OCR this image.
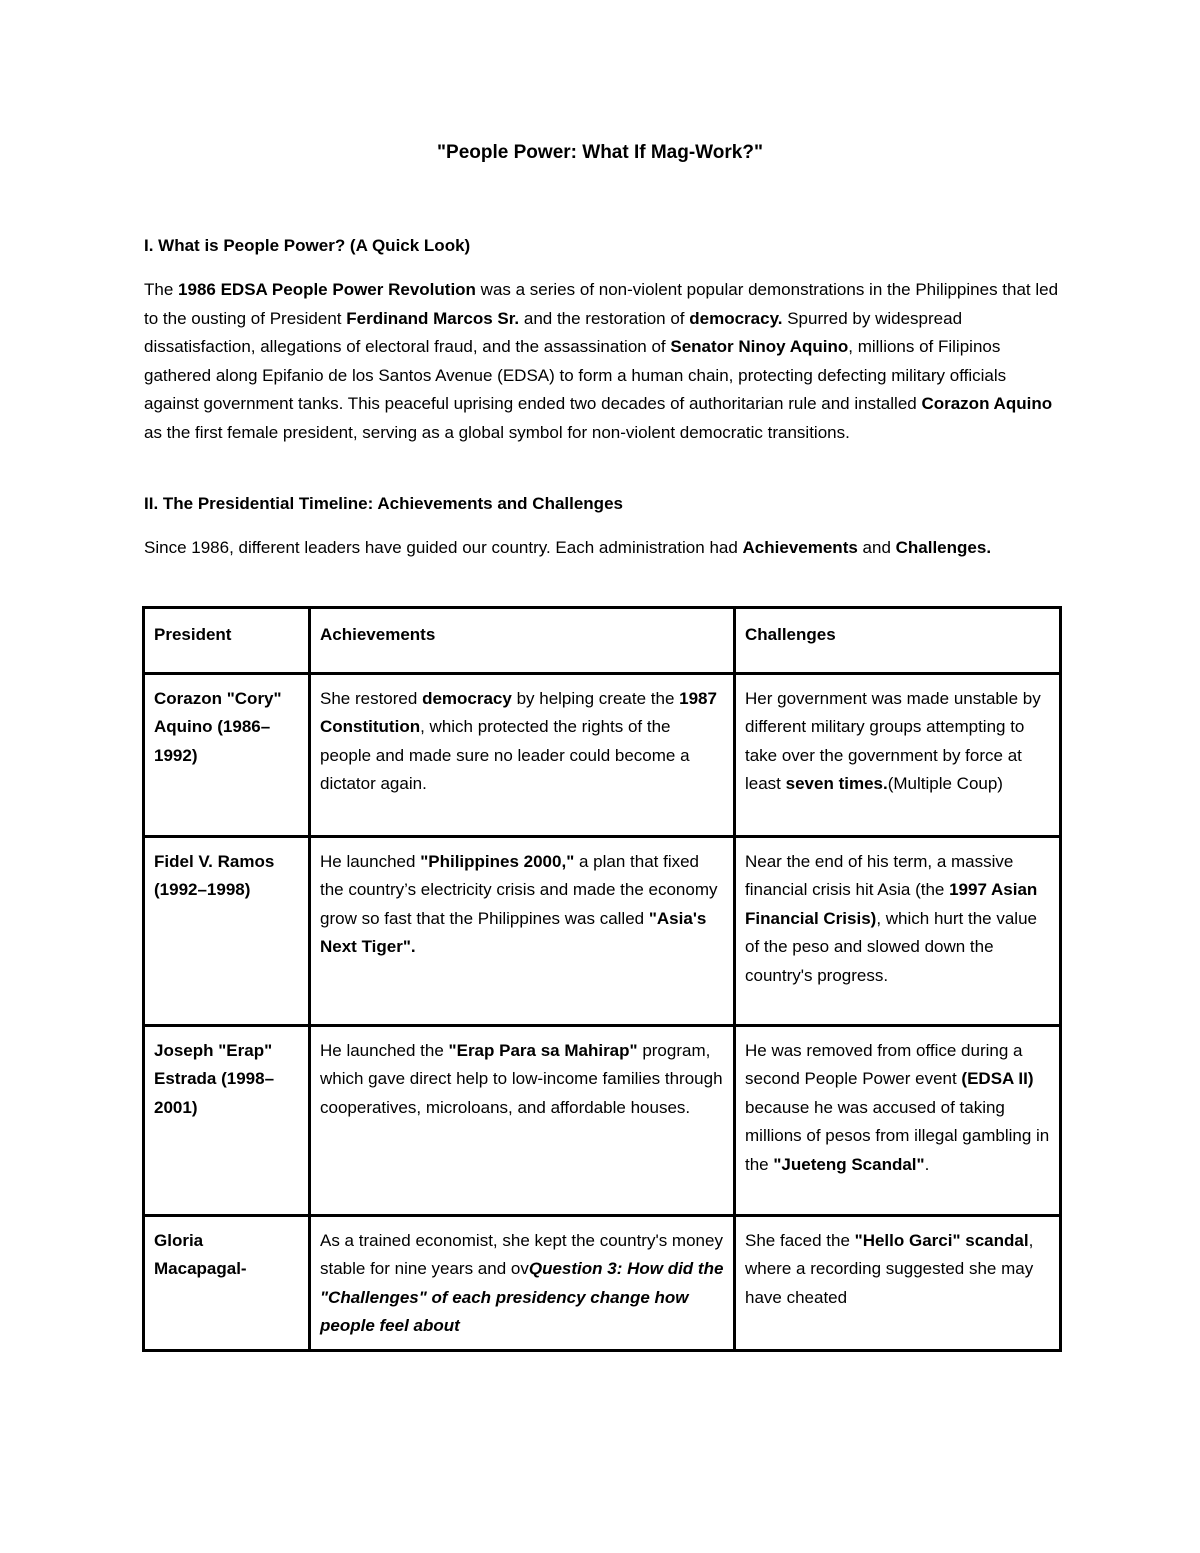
"People Power: What If Mag-Work?"
I. What is People Power? (A Quick Look)
The 1986 EDSA People Power Revolution was a series of non-violent popular demonstrations in the Philippines that led to the ousting of President Ferdinand Marcos Sr. and the restoration of democracy. Spurred by widespread dissatisfaction, allegations of electoral fraud, and the assassination of Senator Ninoy Aquino, millions of Filipinos gathered along Epifanio de los Santos Avenue (EDSA) to form a human chain, protecting defecting military officials against government tanks. This peaceful uprising ended two decades of authoritarian rule and installed Corazon Aquino as the first female president, serving as a global symbol for non-violent democratic transitions.
II. The Presidential Timeline: Achievements and Challenges
Since 1986, different leaders have guided our country. Each administration had Achievements and Challenges.
President	Achievements	Challenges
Corazon "Cory" Aquino (1986–1992)	She restored democracy by helping create the 1987 Constitution, which protected the rights of the people and made sure no leader could become a dictator again.	Her government was made unstable by different military groups attempting to take over the government by force at least seven times.(Multiple Coup)
Fidel V. Ramos (1992–1998)	He launched "Philippines 2000," a plan that fixed the country’s electricity crisis and made the economy grow so fast that the Philippines was called "Asia's Next Tiger".	Near the end of his term, a massive financial crisis hit Asia (the 1997 Asian Financial Crisis), which hurt the value of the peso and slowed down the country's progress.
Joseph "Erap" Estrada (1998–2001)	He launched the "Erap Para sa Mahirap" program, which gave direct help to low-income families through cooperatives, microloans, and affordable houses.	He was removed from office during a second People Power event (EDSA II) because he was accused of taking millions of pesos from illegal gambling in the "Jueteng Scandal".
Gloria Macapagal-	As a trained economist, she kept the country's money stable for nine years and ovQuestion 3: How did the "Challenges" of each presidency change how people feel about	She faced the "Hello Garci" scandal, where a recording suggested she may have cheated
